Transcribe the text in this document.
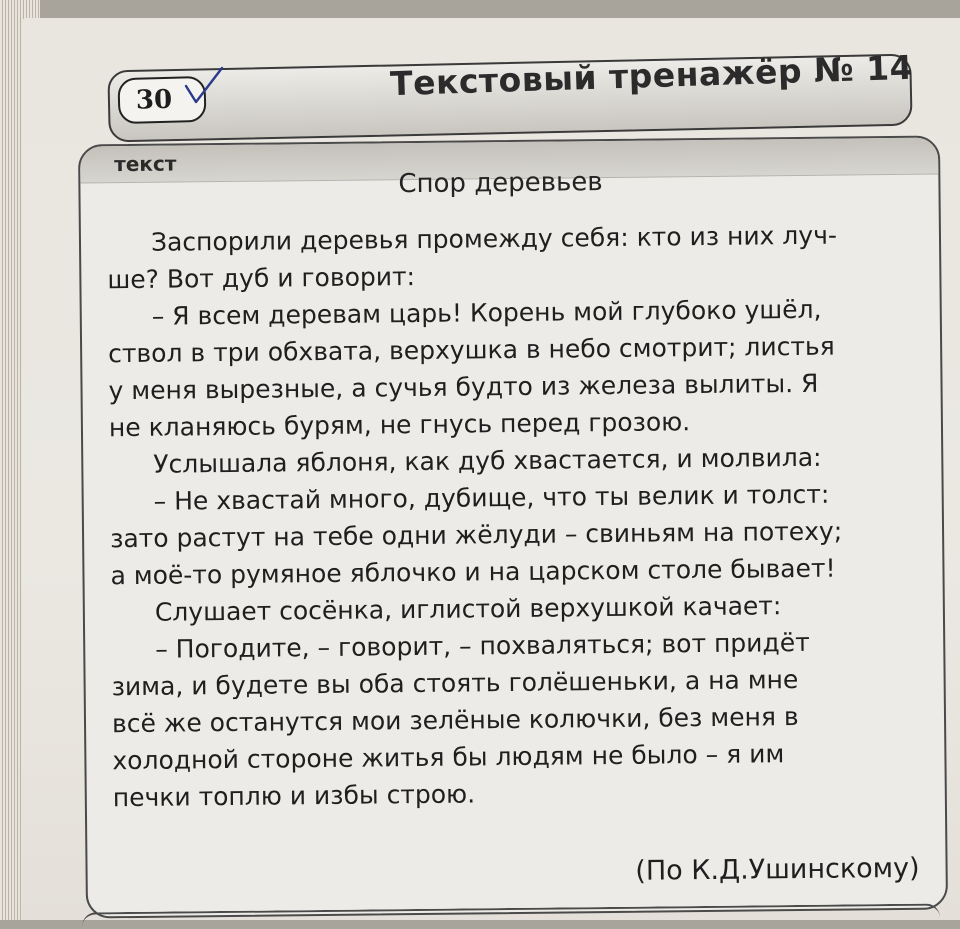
30	Текстовый тренажёр № 14
текст
Спор деревьев
Заспорили деревья промежду себя: кто из них луч-
ше? Вот дуб и говорит:
– Я всем деревам царь! Корень мой глубоко ушёл,
ствол в три обхвата, верхушка в небо смотрит; листья
у меня вырезные, а сучья будто из железа вылиты. Я
не кланяюсь бурям, не гнусь перед грозою.
Услышала яблоня, как дуб хвастается, и молвила:
– Не хвастай много, дубище, что ты велик и толст:
зато растут на тебе одни жёлуди – свиньям на потеху;
а моё-то румяное яблочко и на царском столе бывает!
Слушает сосёнка, иглистой верхушкой качает:
– Погодите, – говорит, – похваляться; вот придёт
зима, и будете вы оба стоять голёшеньки, а на мне
всё же останутся мои зелёные колючки, без меня в
холодной стороне житья бы людям не было – я им
печки топлю и избы строю.
(По К.Д.Ушинскому)
